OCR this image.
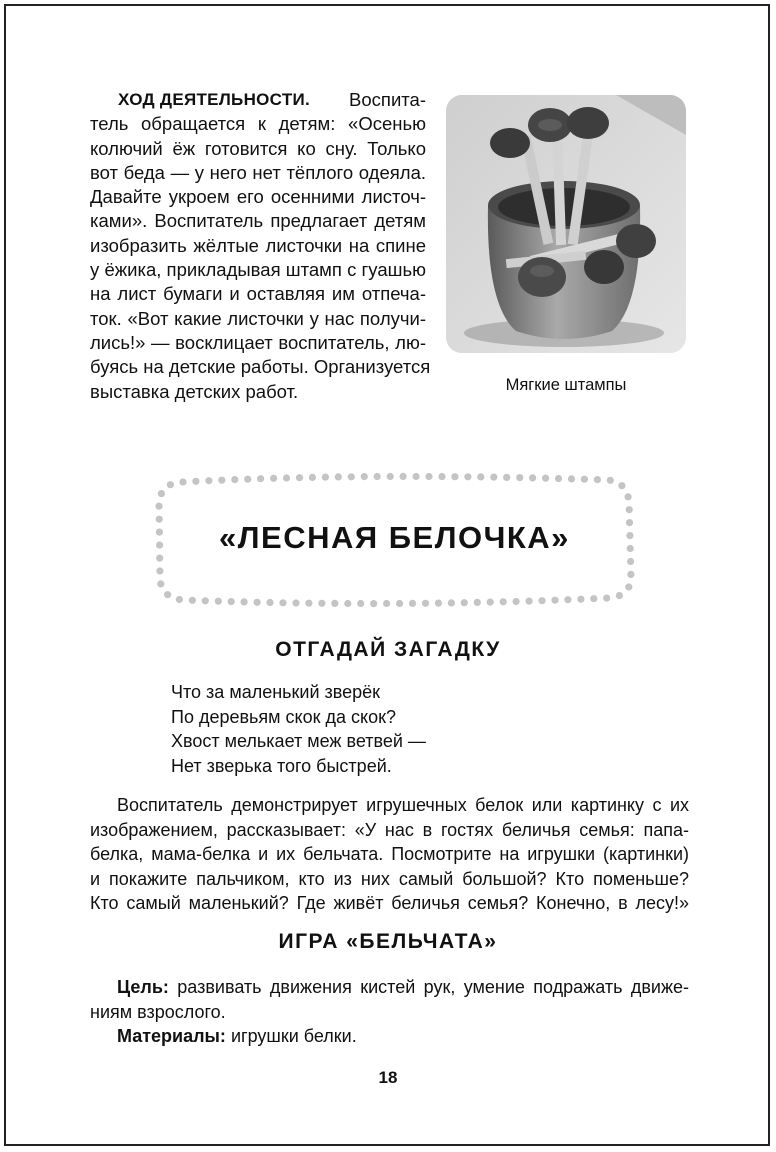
ХОД ДЕЯТЕЛЬНОСТИ. Воспита-
тель обращается к детям: «Осенью
колючий ёж готовится ко сну. Только
вот беда — у него нет тёплого одеяла.
Давайте укроем его осенними листоч-
ками». Воспитатель предлагает детям
изобразить жёлтые листочки на спине
у ёжика, прикладывая штамп с гуашью
на лист бумаги и оставляя им отпеча-
ток. «Вот какие листочки у нас получи-
лись!» — восклицает воспитатель, лю-
буясь на детские работы. Организуется
выставка детских работ.	Мягкие штампы
«ЛЕСНАЯ БЕЛОЧКА»
ОТГАДАЙ ЗАГАДКУ
Что за маленький зверёк
По деревьям скок да скок?
Хвост мелькает меж ветвей —
Нет зверька того быстрей.
Воспитатель демонстрирует игрушечных белок или картинку с их
изображением, рассказывает: «У нас в гостях беличья семья: папа-
белка, мама-белка и их бельчата. Посмотрите на игрушки (картинки)
и покажите пальчиком, кто из них самый большой? Кто поменьше?
Кто самый маленький? Где живёт беличья семья? Конечно, в лесу!»
ИГРА «БЕЛЬЧАТА»
Цель: развивать движения кистей рук, умение подражать движе-
ниям взрослого.
Материалы: игрушки белки.
18
